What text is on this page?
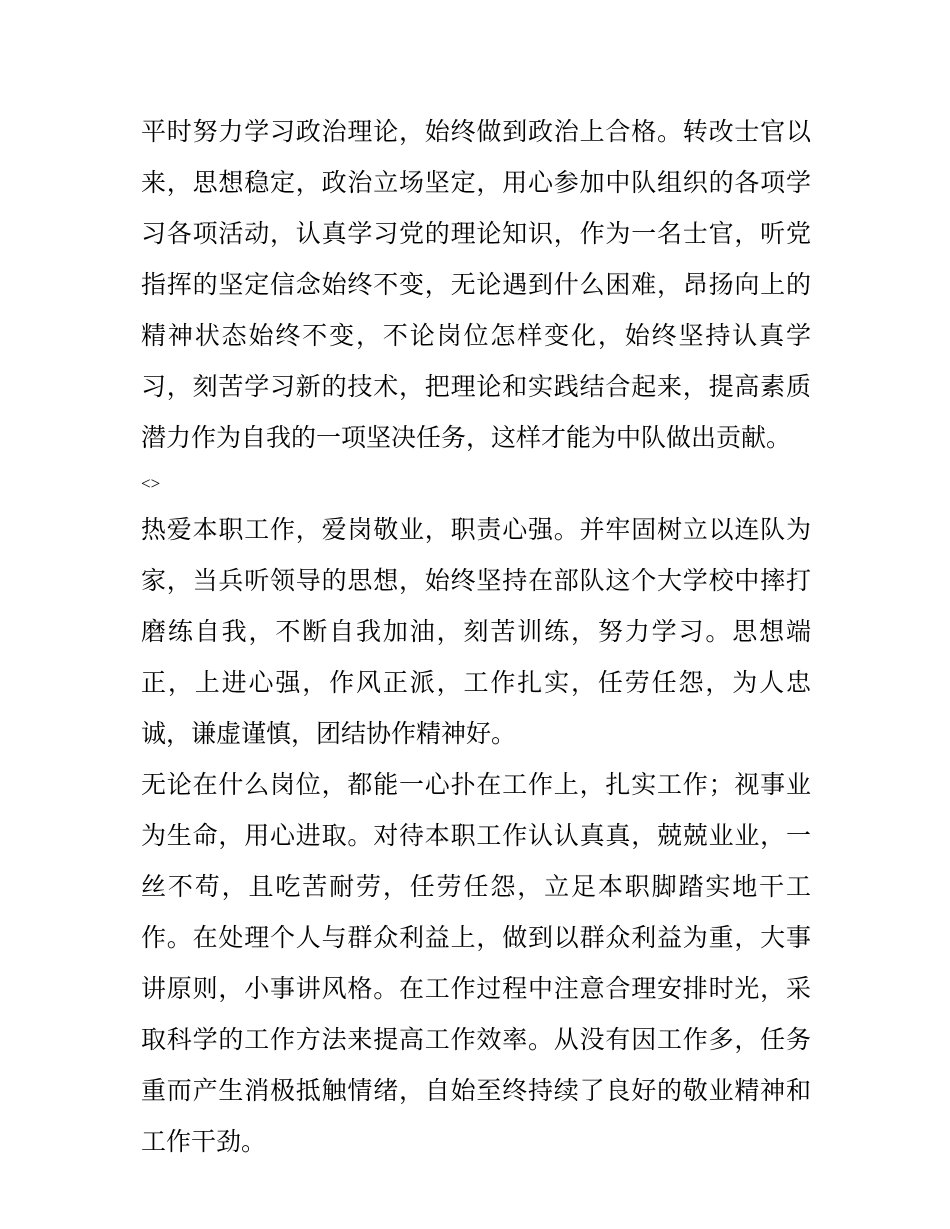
平时努力学习政治理论，始终做到政治上合格。转改士官以来，思想稳定，政治立场坚定，用心参加中队组织的各项学习各项活动，认真学习党的理论知识，作为一名士官，听党指挥的坚定信念始终不变，无论遇到什么困难，昂扬向上的精神状态始终不变，不论岗位怎样变化，始终坚持认真学习，刻苦学习新的技术，把理论和实践结合起来，提高素质潜力作为自我的一项坚决任务，这样才能为中队做出贡献。

<>

热爱本职工作，爱岗敬业，职责心强。并牢固树立以连队为家，当兵听领导的思想，始终坚持在部队这个大学校中摔打磨练自我，不断自我加油，刻苦训练，努力学习。思想端正，上进心强，作风正派，工作扎实，任劳任怨，为人忠诚，谦虚谨慎，团结协作精神好。

无论在什么岗位，都能一心扑在工作上，扎实工作；视事业为生命，用心进取。对待本职工作认认真真，兢兢业业，一丝不苟，且吃苦耐劳，任劳任怨，立足本职脚踏实地干工作。在处理个人与群众利益上，做到以群众利益为重，大事讲原则，小事讲风格。在工作过程中注意合理安排时光，采取科学的工作方法来提高工作效率。从没有因工作多，任务重而产生消极抵触情绪，自始至终持续了良好的敬业精神和工作干劲。
